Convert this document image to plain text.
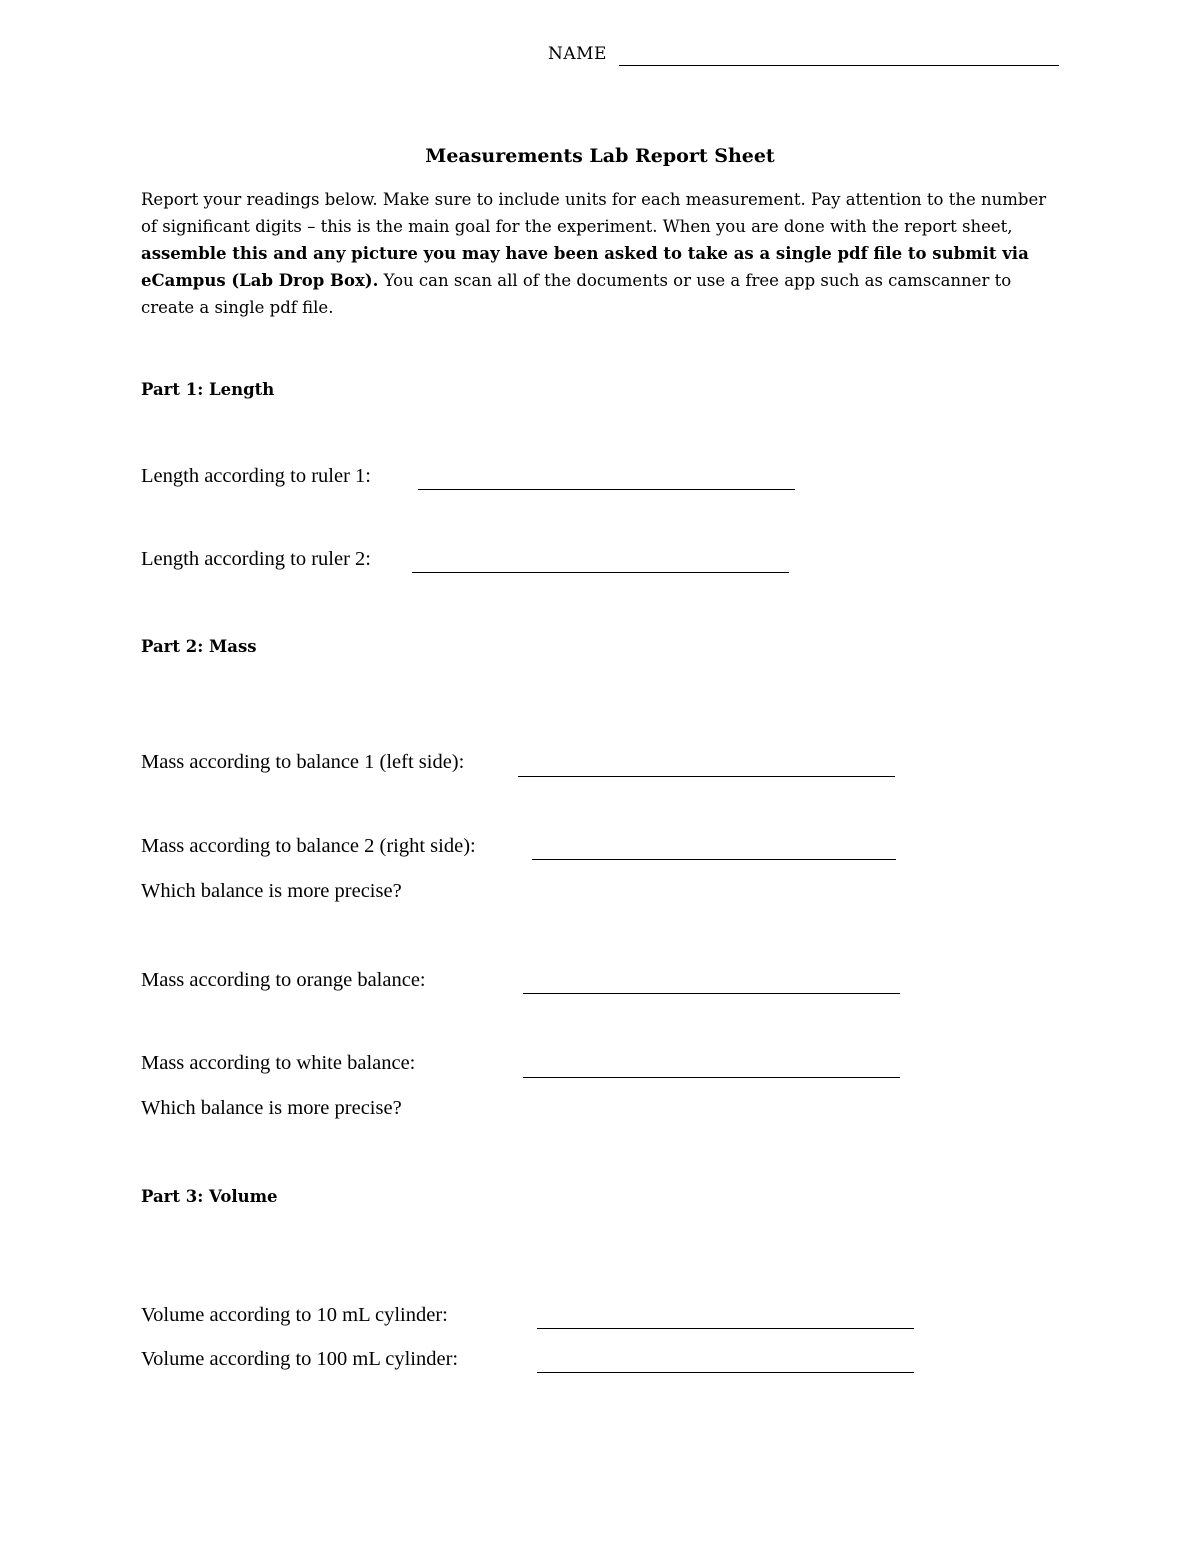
NAME
Measurements Lab Report Sheet
Report your readings below. Make sure to include units for each measurement. Pay attention to the number of significant digits – this is the main goal for the experiment. When you are done with the report sheet, assemble this and any picture you may have been asked to take as a single pdf file to submit via eCampus (Lab Drop Box). You can scan all of the documents or use a free app such as camscanner to create a single pdf file.
Part 1: Length
Length according to ruler 1:
Length according to ruler 2:
Part 2: Mass
Mass according to balance 1 (left side):
Mass according to balance 2 (right side):
Which balance is more precise?
Mass according to orange balance:
Mass according to white balance:
Which balance is more precise?
Part 3: Volume
Volume according to 10 mL cylinder:
Volume according to 100 mL cylinder:
